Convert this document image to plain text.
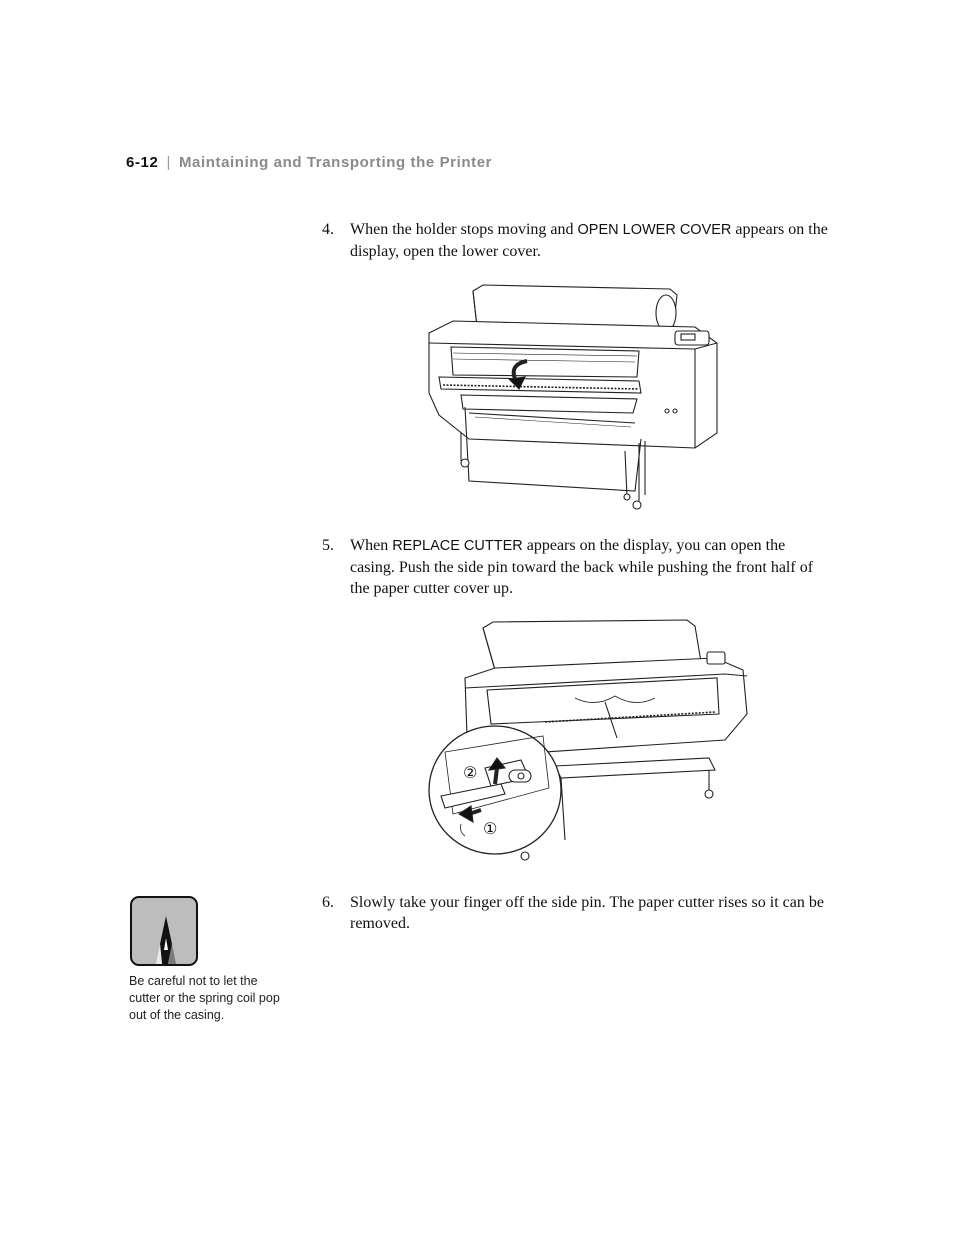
6-12 | Maintaining and Transporting the Printer
4. When the holder stops moving and OPEN LOWER COVER appears on the display, open the lower cover.
5. When REPLACE CUTTER appears on the display, you can open the casing. Push the side pin toward the back while pushing the front half of the paper cutter cover up.
②
①
6. Slowly take your finger off the side pin. The paper cutter rises so it can be removed.
Be careful not to let the cutter or the spring coil pop out of the casing.
